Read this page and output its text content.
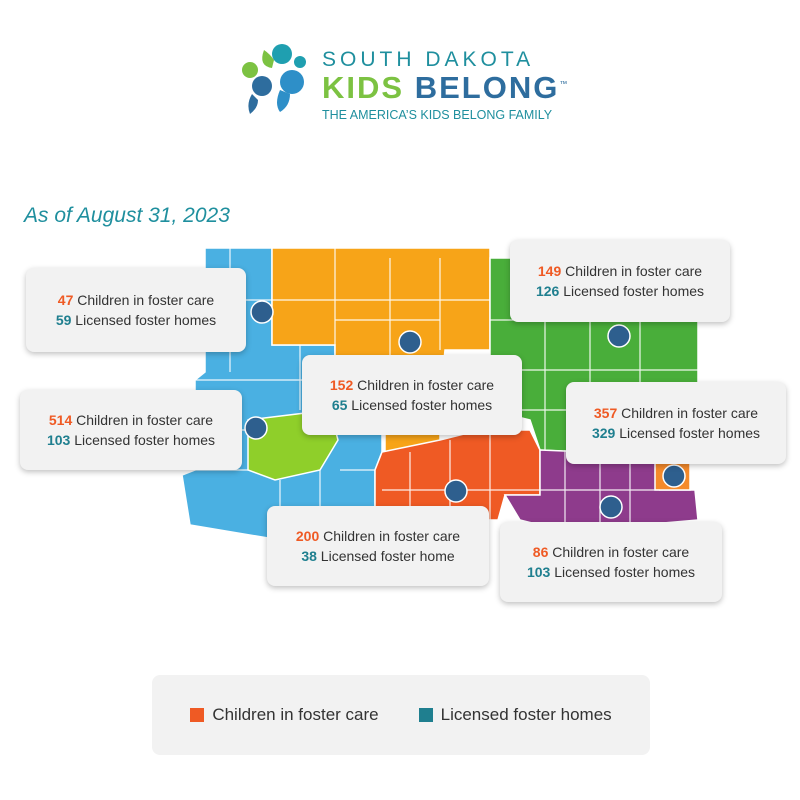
SOUTH DAKOTA
KIDS BELONG™
THE AMERICA’S KIDS BELONG FAMILY
As of August 31, 2023
47 Children in foster care
59 Licensed foster homes
149 Children in foster care
126 Licensed foster homes
152 Children in foster care
65 Licensed foster homes
514 Children in foster care
103 Licensed foster homes
357 Children in foster care
329 Licensed foster homes
200 Children in foster care
38 Licensed foster home	86 Children in foster care
103 Licensed foster homes
Children in foster care	Licensed foster homes
